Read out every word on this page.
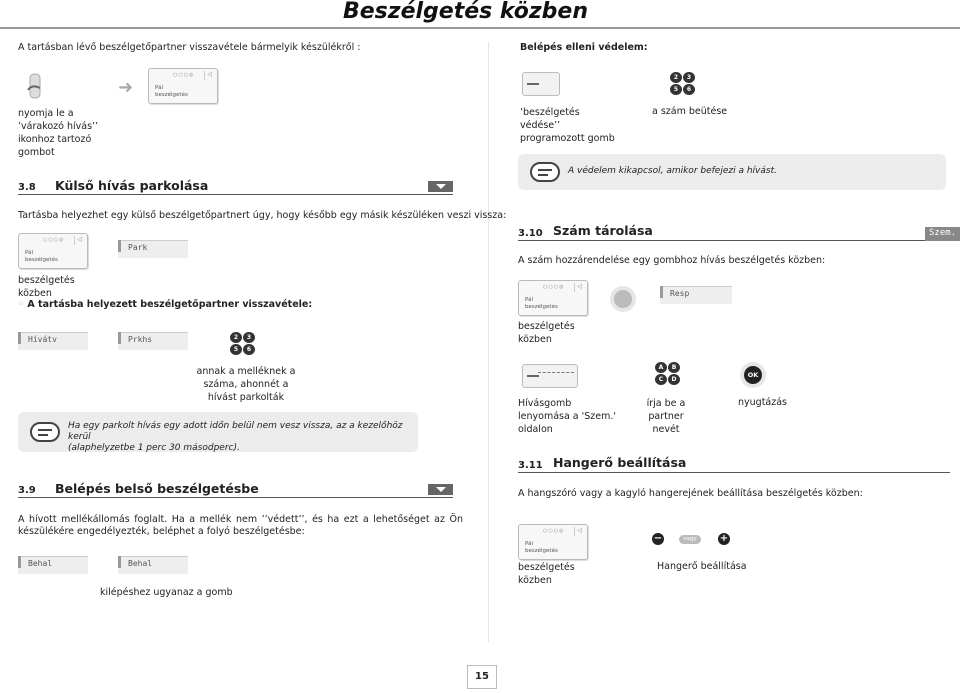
Beszélgetés közben
A tartásban lévő beszélgetőpartner visszavétele bármelyik készülékről :
➜
○○○◎	◁
Pál
beszélgetés
nyomja le a
’várakozó hívás’’
ikonhoz tartozó
gombot
3.8 Külső hívás parkolása
Tartásba helyezhet egy külső beszélgetőpartnert úgy, hogy később egy másik készüléken veszi vissza:
○○○◎	◁
Pál
beszélgetés
Park
beszélgetés
közben
◦ A tartásba helyezett beszélgetőpartner visszavétele:
Hívátv	Prkhs	2	3
5	6
annak a melléknek a
száma, ahonnét a
hívást parkolták
Ha egy parkolt hívás egy adott időn belül nem vesz vissza, az a kezelőhöz kerül
(alaphelyzetbe 1 perc 30 másodperc).
3.9 Belépés belső beszélgetésbe
A hívott mellékállomás foglalt. Ha a mellék nem ’’védett’’, és ha ezt a lehetőséget az Ön készülékére engedélyezték, beléphet a folyó beszélgetésbe:
Behal	Behal
kilépéshez ugyanaz a gomb
Belépés elleni védelem:
2	3
5	6
’beszélgetés
védése’’
programozott gomb
a szám beütése
A védelem kikapcsol, amikor befejezi a hívást.
3.10 Szám tárolása	Szem.
A szám hozzárendelése egy gombhoz hívás beszélgetés közben:
○○○◎	◁
Pál
beszélgetés
Resp
beszélgetés
közben
A	B
C	D
OK
Hívásgomb
lenyomása a 'Szem.'
oldalon
írja be a partner
nevét
nyugtázás
3.11 Hangerő beállítása
A hangszóró vagy a kagyló hangerejének beállítása beszélgetés közben:
○○○◎	◁
Pál
beszélgetés
−	vagy	+
beszélgetés
közben
Hangerő beállítása
15
